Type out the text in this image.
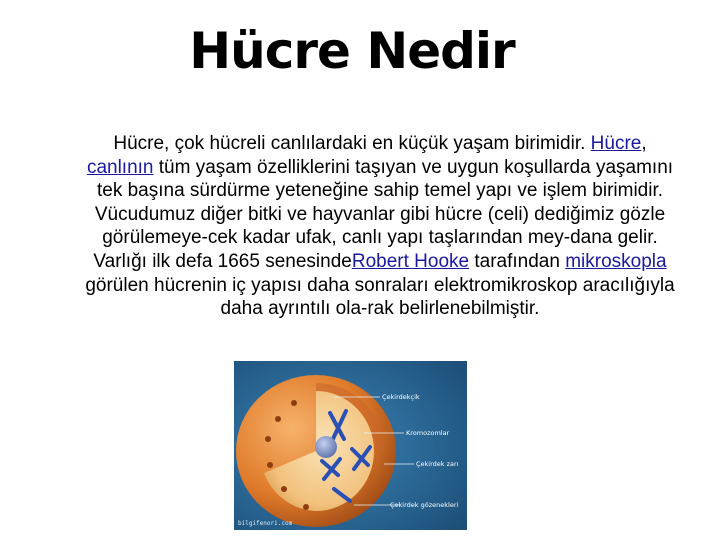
Hücre Nedir
Hücre, çok hücreli canlılardaki en küçük yaşam birimidir. Hücre, canlının tüm yaşam özelliklerini taşıyan ve uygun koşullarda yaşamını tek başına sürdürme yeteneğine sahip temel yapı ve işlem birimidir. Vücudumuz diğer bitki ve hayvanlar gibi hücre (celi) dediğimiz gözle görülemeye-cek kadar ufak, canlı yapı taşlarından mey-dana gelir. Varlığı ilk defa 1665 senesindeRobert Hooke tarafından mikroskopla görülen hücrenin iç yapısı daha sonraları elektromikroskop aracılığıyla daha ayrıntılı ola-rak belirlenebilmiştir.
Çekirdekçik
Kromozomlar
Çekirdek zarı
Çekirdek gözenekleri
bilgifenori.com
